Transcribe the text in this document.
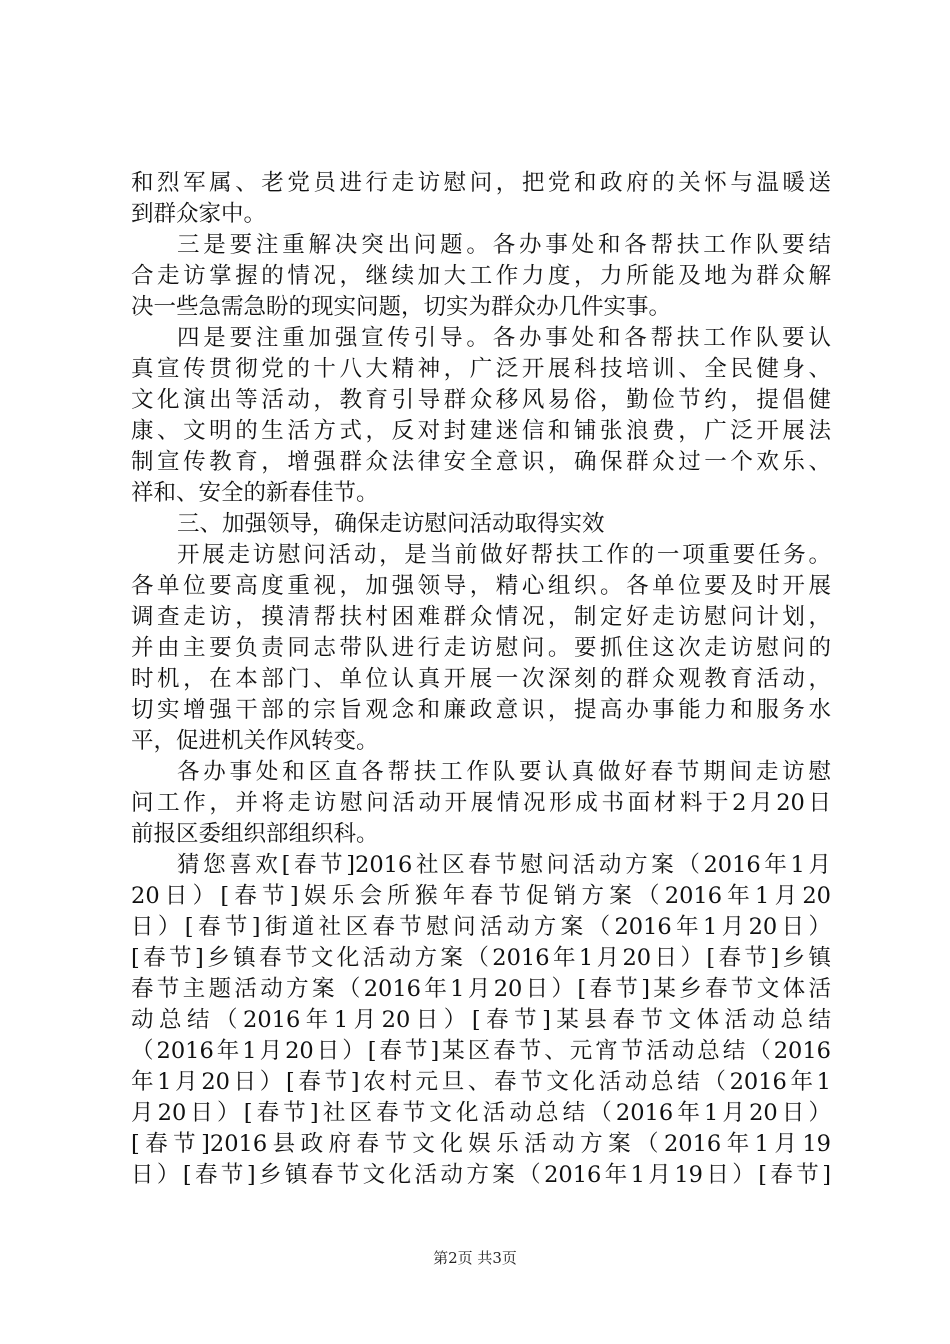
和烈军属、老党员进行走访慰问，把党和政府的关怀与温暖送
到群众家中。
三是要注重解决突出问题。各办事处和各帮扶工作队要结
合走访掌握的情况，继续加大工作力度，力所能及地为群众解
决一些急需急盼的现实问题，切实为群众办几件实事。
四是要注重加强宣传引导。各办事处和各帮扶工作队要认
真宣传贯彻党的十八大精神，广泛开展科技培训、全民健身、
文化演出等活动，教育引导群众移风易俗，勤俭节约，提倡健
康、文明的生活方式，反对封建迷信和铺张浪费，广泛开展法
制宣传教育，增强群众法律安全意识，确保群众过一个欢乐、
祥和、安全的新春佳节。
三、加强领导，确保走访慰问活动取得实效
开展走访慰问活动，是当前做好帮扶工作的一项重要任务。
各单位要高度重视，加强领导，精心组织。各单位要及时开展
调查走访，摸清帮扶村困难群众情况，制定好走访慰问计划，
并由主要负责同志带队进行走访慰问。要抓住这次走访慰问的
时机，在本部门、单位认真开展一次深刻的群众观教育活动，
切实增强干部的宗旨观念和廉政意识，提高办事能力和服务水
平，促进机关作风转变。
各办事处和区直各帮扶工作队要认真做好春节期间走访慰
问工作，并将走访慰问活动开展情况形成书面材料于2月20日
前报区委组织部组织科。
猜您喜欢[春节]2016社区春节慰问活动方案（2016年1月
20日）[春节]娱乐会所猴年春节促销方案（2016年1月20
日）[春节]街道社区春节慰问活动方案（2016年1月20日）
[春节]乡镇春节文化活动方案（2016年1月20日）[春节]乡镇
春节主题活动方案（2016年1月20日）[春节]某乡春节文体活
动总结（2016年1月20日）[春节]某县春节文体活动总结
（2016年1月20日）[春节]某区春节、元宵节活动总结（2016
年1月20日）[春节]农村元旦、春节文化活动总结（2016年1
月20日）[春节]社区春节文化活动总结（2016年1月20日）
[春节]2016县政府春节文化娱乐活动方案（2016年1月19
日）[春节]乡镇春节文化活动方案（2016年1月19日）[春节]
第2页 共3页
